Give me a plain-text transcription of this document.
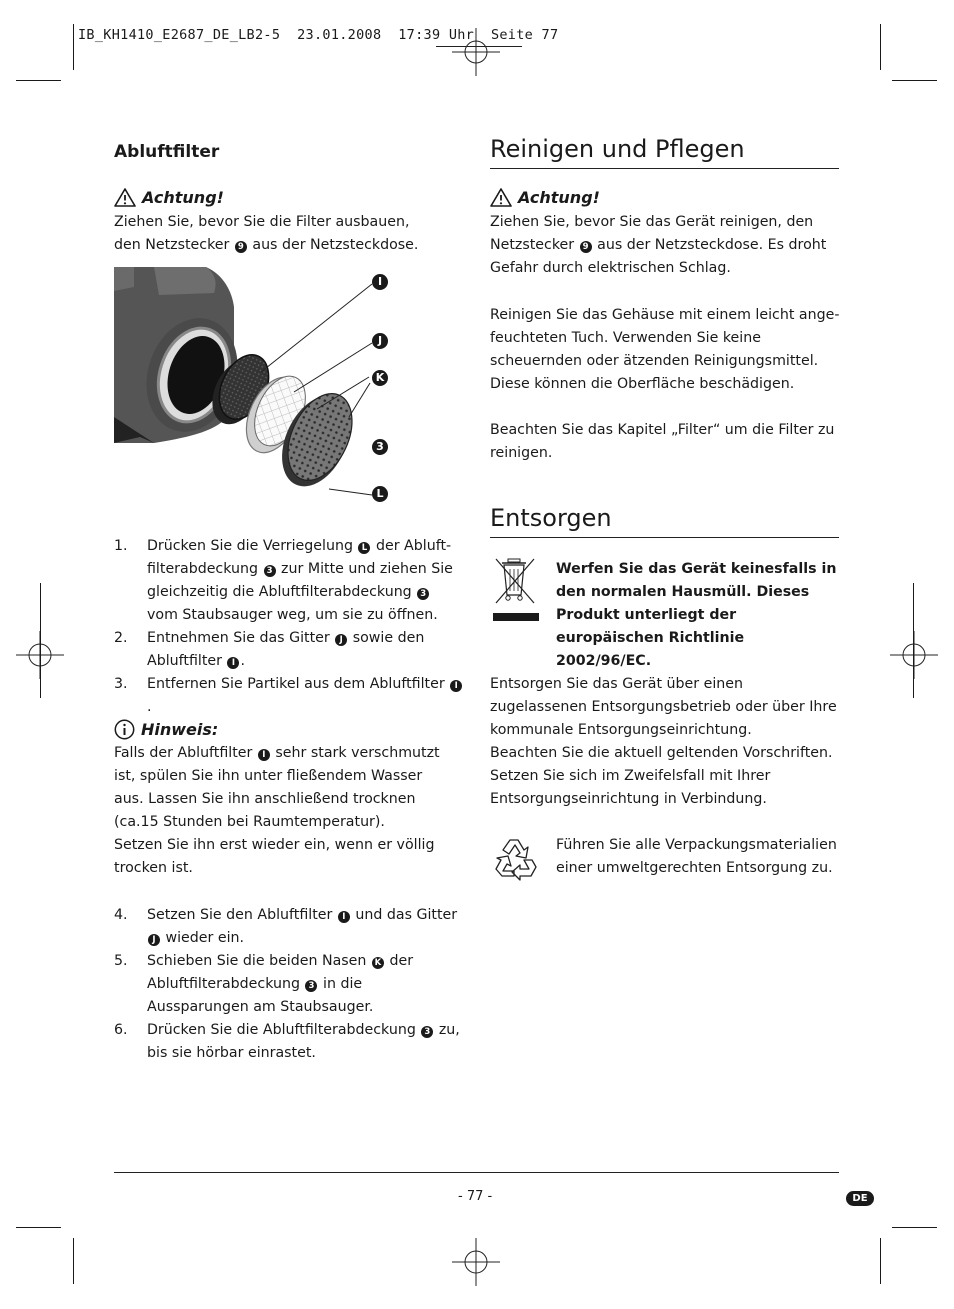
IB_KH1410_E2687_DE_LB2-5  23.01.2008  17:39 Uhr  Seite 77
Abluftfilter
Achtung!
Ziehen Sie, bevor Sie die Filter ausbauen, den Netzstecker 9 aus der Netzsteckdose.
I
J
K
3
L
1. Drücken Sie die Verriegelung L der Abluftfilterabdeckung 3 zur Mitte und ziehen Sie gleichzeitig die Abluftfilterabdeckung 3 vom Staubsauger weg, um sie zu öffnen.
2. Entnehmen Sie das Gitter J sowie den Abluftfilter I .
3. Entfernen Sie Partikel aus dem Abluftfilter I.
Hinweis:
Falls der Abluftfilter I sehr stark verschmutzt ist, spülen Sie ihn unter fließendem Wasser aus. Lassen Sie ihn anschließend trocknen
(ca.15 Stunden bei Raumtemperatur).
Setzen Sie ihn erst wieder ein, wenn er völlig trocken ist.
4. Setzen Sie den Abluftfilter I und das Gitter J wieder ein.
5. Schieben Sie die beiden Nasen K der Abluftfilterabdeckung 3 in die Aussparungen am Staubsauger.
6. Drücken Sie die Abluftfilterabdeckung 3 zu, bis sie hörbar einrastet.
Reinigen und Pflegen
Achtung!
Ziehen Sie, bevor Sie das Gerät reinigen, den Netzstecker 9 aus der Netzsteckdose. Es droht Gefahr durch elektrischen Schlag.
Reinigen Sie das Gehäuse mit einem leicht angefeuchteten Tuch. Verwenden Sie keine scheuernden oder ätzenden Reinigungsmittel. Diese können die Oberfläche beschädigen.
Beachten Sie das Kapitel „Filter“ um die Filter zu reinigen.
Entsorgen
Werfen Sie das Gerät keinesfalls in den normalen Hausmüll. Dieses Produkt unterliegt der europäischen Richtlinie 2002/96/EC.
Entsorgen Sie das Gerät über einen zugelassenen Entsorgungsbetrieb oder über Ihre kommunale Entsorgungseinrichtung.
Beachten Sie die aktuell geltenden Vorschriften. Setzen Sie sich im Zweifelsfall mit Ihrer Entsorgungseinrichtung in Verbindung.
Führen Sie alle Verpackungsmaterialien einer umweltgerechten Entsorgung zu.
- 77 -	DE
